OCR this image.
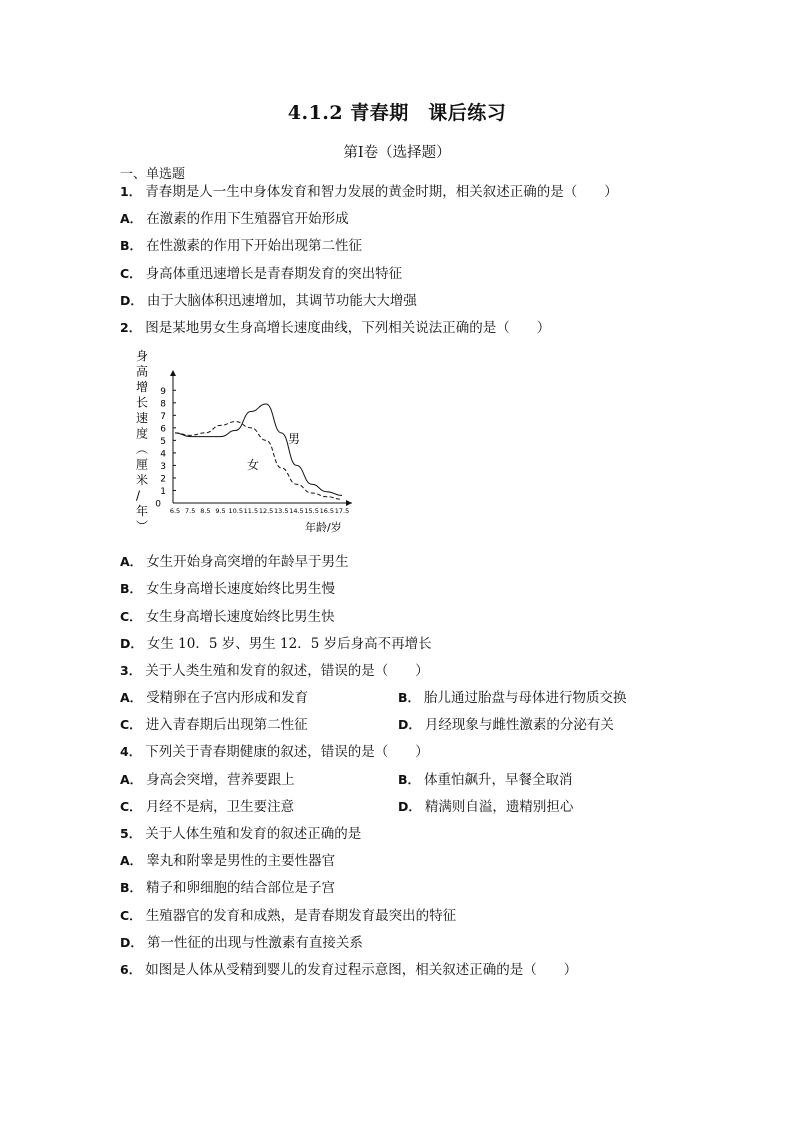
4.1.2 青春期　课后练习
第Ⅰ卷（选择题）
一、单选题
1． 青春期是人一生中身体发育和智力发展的黄金时期，相关叙述正确的是（　　）
A． 在激素的作用下生殖器官开始形成
B． 在性激素的作用下开始出现第二性征
C． 身高体重迅速增长是青春期发育的突出特征
D． 由于大脑体积迅速增加，其调节功能大大增强
2． 图是某地男女生身高增长速度曲线，下列相关说法正确的是（　　）
身
高
增
长
速
度
︵
厘
米
/
年
︶
0
1
2
3
4
5
6
7
8
9
6.5 7.5 8.5 9.5 10.5 11.5 12.5 13.5 14.5 15.5 16.5 17.5
男
女
年龄/岁
A． 女生开始身高突增的年龄早于男生
B． 女生身高增长速度始终比男生慢
C． 女生身高增长速度始终比男生快
D． 女生 10．5 岁、男生 12．5 岁后身高不再增长
3． 关于人类生殖和发育的叙述，错误的是（　　）
A． 受精卵在子宫内形成和发育	B． 胎儿通过胎盘与母体进行物质交换
C． 进入青春期后出现第二性征	D． 月经现象与雌性激素的分泌有关
4． 下列关于青春期健康的叙述，错误的是（　　）
A． 身高会突增，营养要跟上	B． 体重怕飙升，早餐全取消
C． 月经不是病，卫生要注意	D． 精满则自溢，遗精别担心
5． 关于人体生殖和发育的叙述正确的是
A． 睾丸和附睾是男性的主要性器官
B． 精子和卵细胞的结合部位是子宫
C． 生殖器官的发育和成熟，是青春期发育最突出的特征
D． 第一性征的出现与性激素有直接关系
6． 如图是人体从受精到婴儿的发育过程示意图，相关叙述正确的是（　　）
